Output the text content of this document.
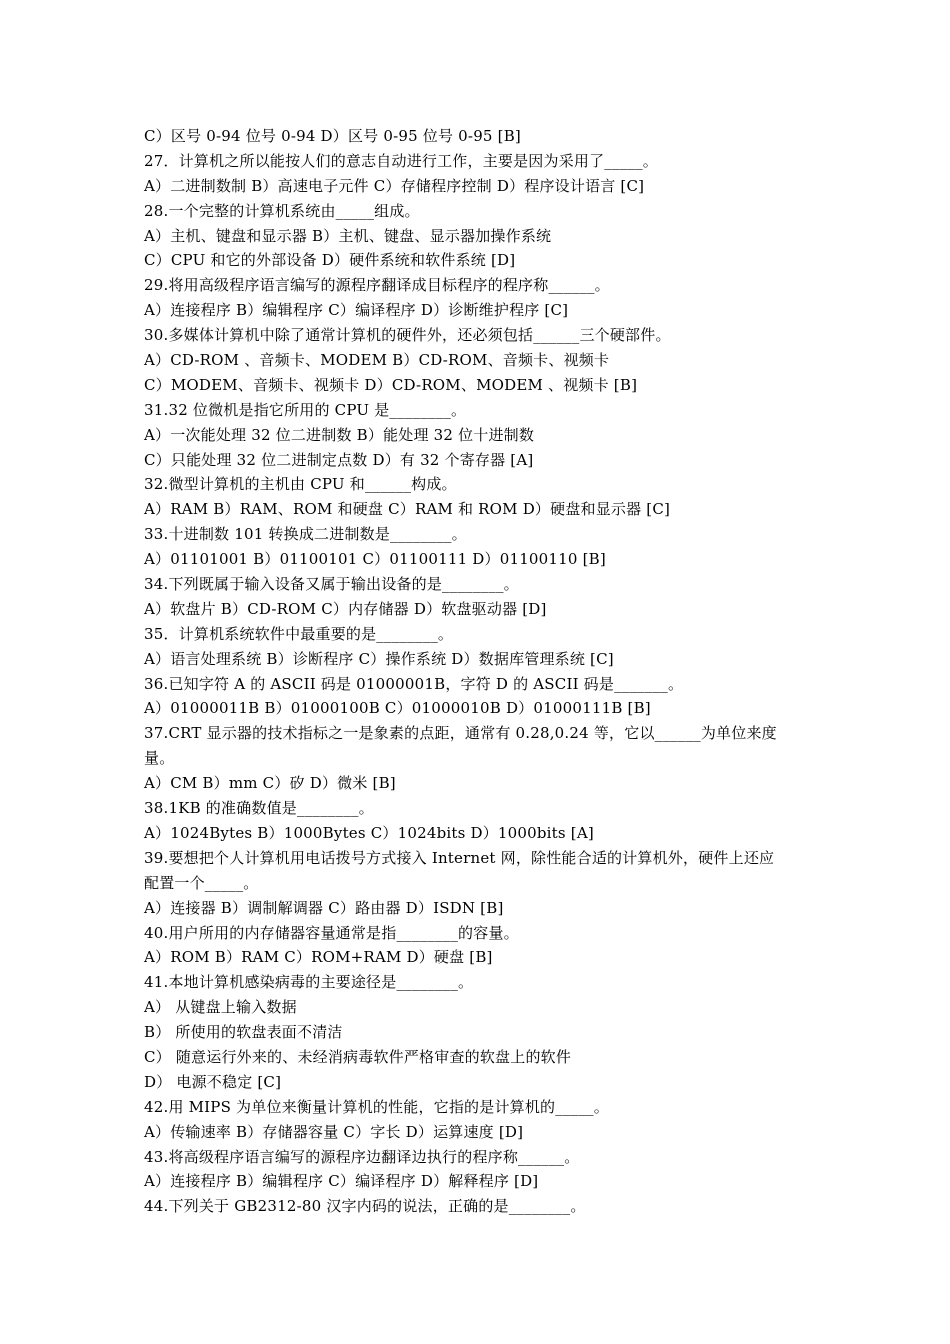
C）区号 0-94 位号 0-94 D）区号 0-95 位号 0-95 [B]
27．计算机之所以能按人们的意志自动进行工作，主要是因为采用了_____。
A）二进制数制 B）高速电子元件 C）存储程序控制 D）程序设计语言 [C]
28.一个完整的计算机系统由_____组成。
A）主机、键盘和显示器 B）主机、键盘、显示器加操作系统
C）CPU 和它的外部设备 D）硬件系统和软件系统 [D]
29.将用高级程序语言编写的源程序翻译成目标程序的程序称______。
A）连接程序 B）编辑程序 C）编译程序 D）诊断维护程序 [C]
30.多媒体计算机中除了通常计算机的硬件外，还必须包括______三个硬部件。
A）CD-ROM 、音频卡、MODEM B）CD-ROM、音频卡、视频卡
C）MODEM、音频卡、视频卡 D）CD-ROM、MODEM 、视频卡 [B]
31.32 位微机是指它所用的 CPU 是________。
A）一次能处理 32 位二进制数 B）能处理 32 位十进制数
C）只能处理 32 位二进制定点数 D）有 32 个寄存器 [A]
32.微型计算机的主机由 CPU 和______构成。
A）RAM B）RAM、ROM 和硬盘 C）RAM 和 ROM D）硬盘和显示器 [C]
33.十进制数 101 转换成二进制数是________。
A）01101001 B）01100101 C）01100111 D）01100110 [B]
34.下列既属于输入设备又属于输出设备的是________。
A）软盘片 B）CD-ROM C）内存储器 D）软盘驱动器 [D]
35．计算机系统软件中最重要的是________。
A）语言处理系统 B）诊断程序 C）操作系统 D）数据库管理系统 [C]
36.已知字符 A 的 ASCII 码是 01000001B，字符 D 的 ASCII 码是_______。
A）01000011B B）01000100B C）01000010B D）01000111B [B]
37.CRT 显示器的技术指标之一是象素的点距，通常有 0.28,0.24 等，它以______为单位来度
量。
A）CM B）mm C）矽 D）微米 [B]
38.1KB 的准确数值是________。
A）1024Bytes B）1000Bytes C）1024bits D）1000bits [A]
39.要想把个人计算机用电话拨号方式接入 Internet 网，除性能合适的计算机外，硬件上还应
配置一个_____。
A）连接器 B）调制解调器 C）路由器 D）ISDN [B]
40.用户所用的内存储器容量通常是指________的容量。
A）ROM B）RAM C）ROM+RAM D）硬盘 [B]
41.本地计算机感染病毒的主要途径是________。
A） 从键盘上输入数据
B） 所使用的软盘表面不清洁
C） 随意运行外来的、未经消病毒软件严格审查的软盘上的软件
D） 电源不稳定 [C]
42.用 MIPS 为单位来衡量计算机的性能，它指的是计算机的_____。
A）传输速率 B）存储器容量 C）字长 D）运算速度 [D]
43.将高级程序语言编写的源程序边翻译边执行的程序称______。
A）连接程序 B）编辑程序 C）编译程序 D）解释程序 [D]
44.下列关于 GB2312-80 汉字内码的说法，正确的是________。
